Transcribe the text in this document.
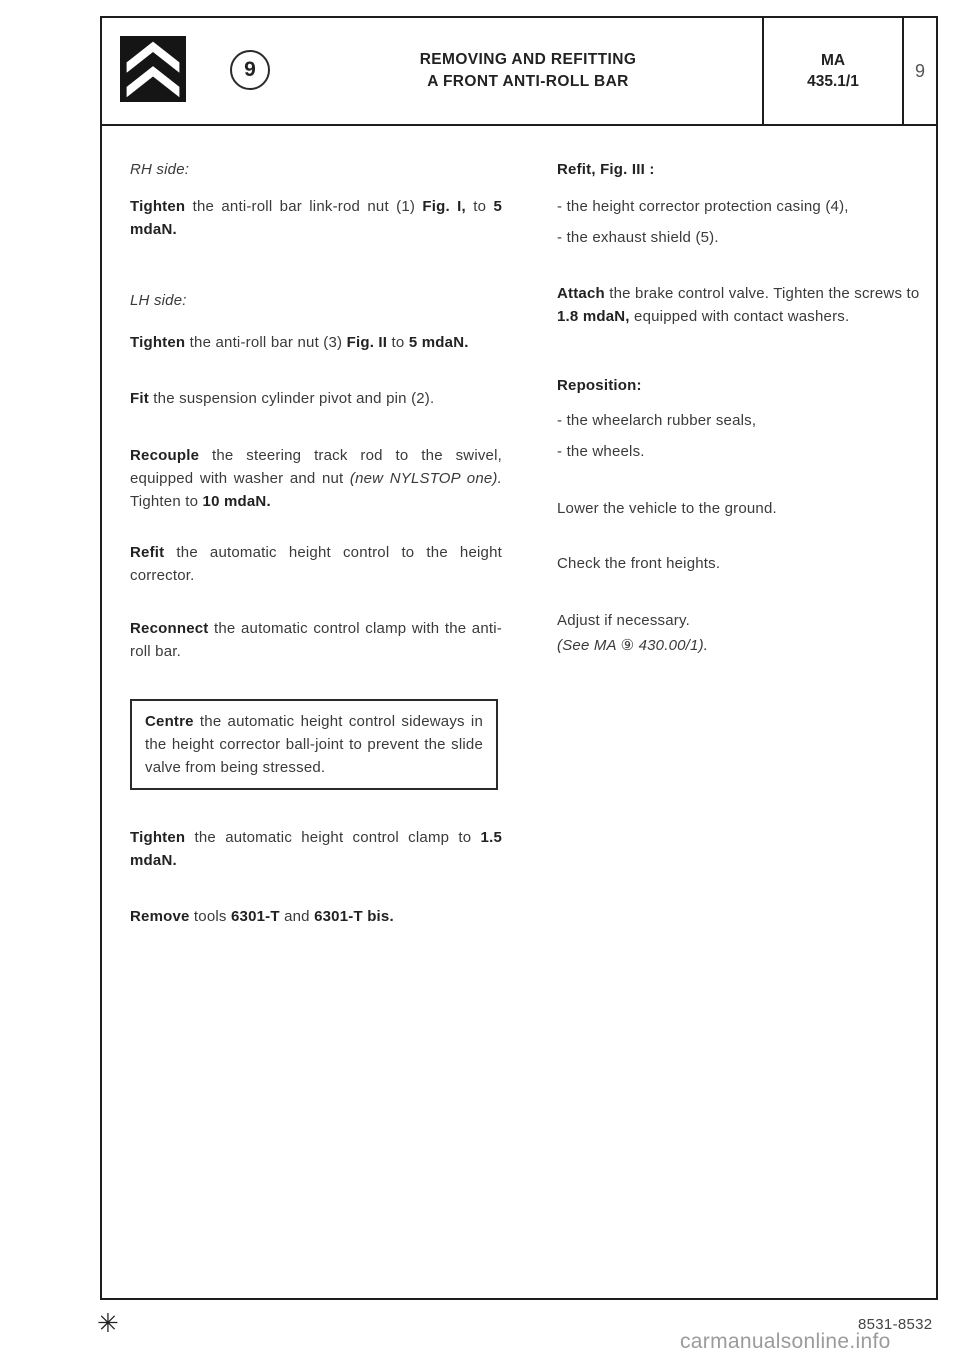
9	REMOVING AND REFITTING
A FRONT ANTI-ROLL BAR
MA
435.1/1
9

RH side:

Tighten the anti-roll bar link-rod nut (1) Fig. I, to 5 mdaN.

LH side:

Tighten the anti-roll bar nut (3) Fig. II to 5 mdaN.

Fit the suspension cylinder pivot and pin (2).

Recouple the steering track rod to the swivel, equipped with washer and nut (new NYLSTOP one). Tighten to 10 mdaN.

Refit the automatic height control to the height corrector.

Reconnect the automatic control clamp with the anti-roll bar.

Centre the automatic height control sideways in the height corrector ball-joint to prevent the slide valve from being stressed.

Tighten the automatic height control clamp to 1.5 mdaN.

Remove tools 6301-T and 6301-T bis.

Refit, Fig. III :

- the height corrector protection casing (4),

- the exhaust shield (5).

Attach the brake control valve. Tighten the screws to 1.8 mdaN, equipped with contact washers.

Reposition:

- the wheelarch rubber seals,

- the wheels.

Lower the vehicle to the ground.

Check the front heights.

Adjust if necessary.

(See MA ⑨ 430.00/1).

✳	8531-8532
carmanualsonline.info
